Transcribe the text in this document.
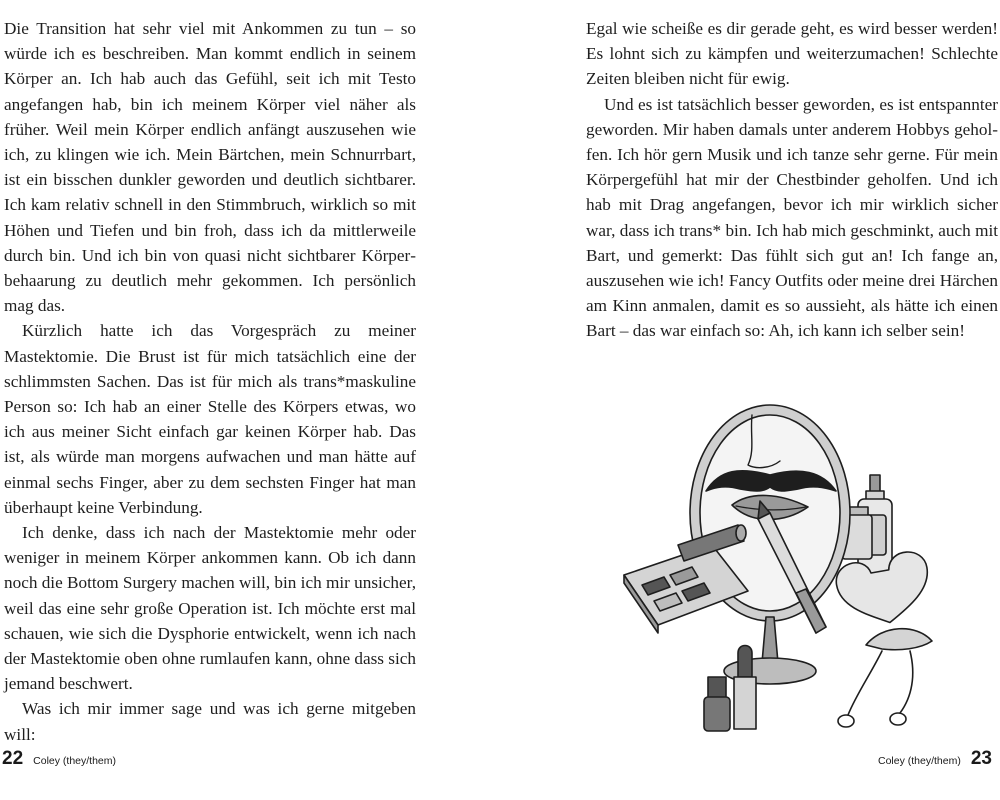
Die Transition hat sehr viel mit Ankommen zu tun – so würde ich es beschreiben. Man kommt endlich in seinem Körper an. Ich hab auch das Gefühl, seit ich mit Testo angefangen hab, bin ich meinem Körper viel näher als früher. Weil mein Körper endlich anfängt auszusehen wie ich, zu klingen wie ich. Mein Bärtchen, mein Schnurrbart, ist ein bisschen dunkler geworden und deutlich sichtbarer. Ich kam relativ schnell in den Stimmbruch, wirklich so mit Höhen und Tiefen und bin froh, dass ich da mittlerweile durch bin. Und ich bin von quasi nicht sichtbarer Körperbehaarung zu deutlich mehr gekommen. Ich persönlich mag das.

Kürzlich hatte ich das Vorgespräch zu meiner Mastektomie. Die Brust ist für mich tatsächlich eine der schlimmsten Sachen. Das ist für mich als trans*maskuline Person so: Ich hab an einer Stelle des Körpers etwas, wo ich aus meiner Sicht einfach gar keinen Körper hab. Das ist, als würde man morgens aufwachen und man hätte auf einmal sechs Finger, aber zu dem sechsten Finger hat man überhaupt keine Verbindung.

Ich denke, dass ich nach der Mastektomie mehr oder weniger in meinem Körper ankommen kann. Ob ich dann noch die Bottom Surgery machen will, bin ich mir unsicher, weil das eine sehr große Operation ist. Ich möchte erst mal schauen, wie sich die Dysphorie entwickelt, wenn ich nach der Mastektomie oben ohne rumlaufen kann, ohne dass sich jemand beschwert.

Was ich mir immer sage und was ich gerne mitgeben will:

22 Coley (they/them)

Egal wie scheiße es dir gerade geht, es wird besser werden! Es lohnt sich zu kämpfen und weiterzumachen! Schlechte Zeiten bleiben nicht für ewig.

Und es ist tatsächlich besser geworden, es ist entspannter geworden. Mir haben damals unter anderem Hobbys geholfen. Ich hör gern Musik und ich tanze sehr gerne. Für mein Körpergefühl hat mir der Chestbinder geholfen. Und ich hab mit Drag angefangen, bevor ich mir wirklich sicher war, dass ich trans* bin. Ich hab mich geschminkt, auch mit Bart, und gemerkt: Das fühlt sich gut an! Ich fange an, auszusehen wie ich! Fancy Outfits oder meine drei Härchen am Kinn anmalen, damit es so aussieht, als hätte ich einen Bart – das war einfach so: Ah, ich kann ich selber sein!

Coley (they/them) 23
